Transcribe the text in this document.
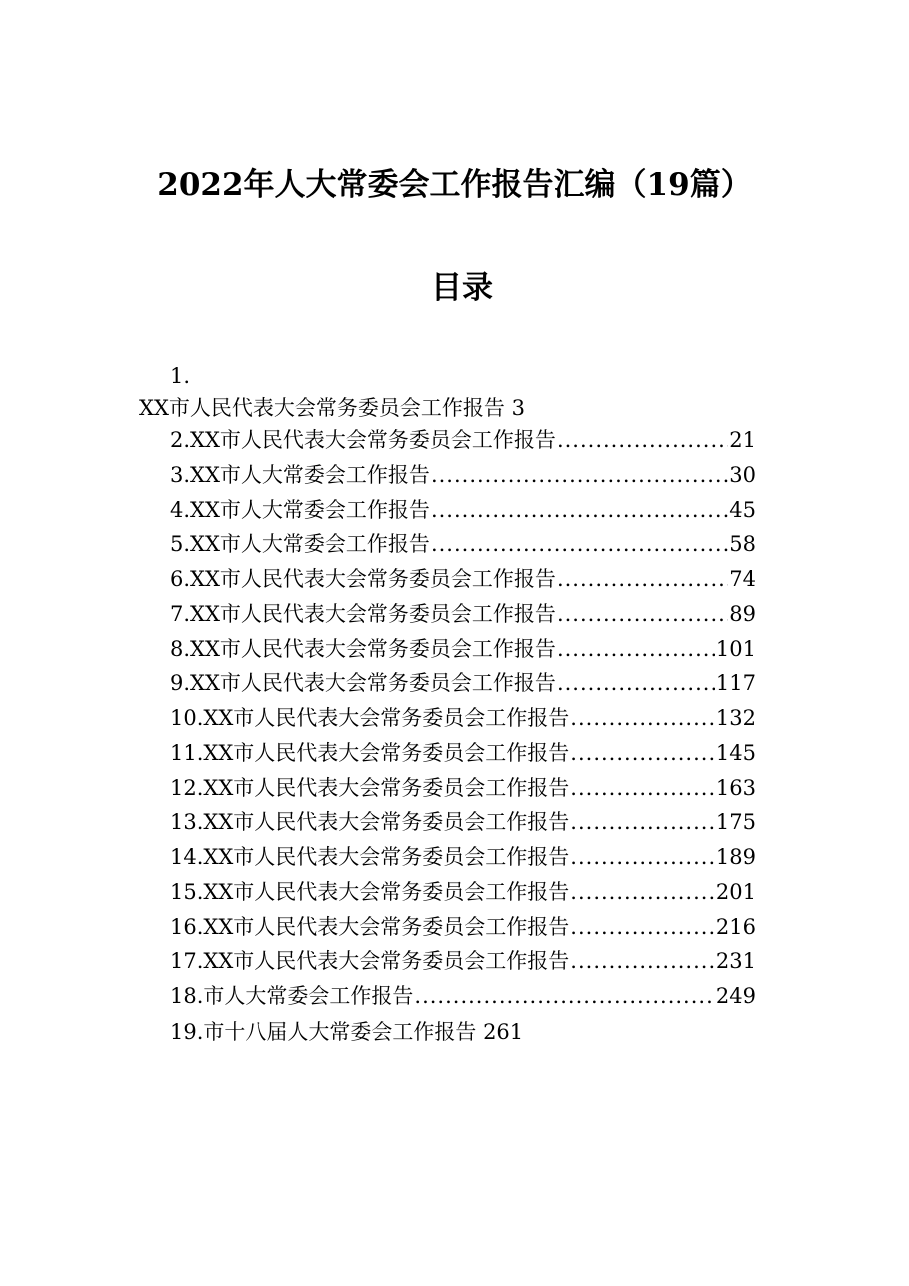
2022年人大常委会工作报告汇编（19篇）
目录
1.
XX市人民代表大会常务委员会工作报告 3
2.XX市人民代表大会常务委员会工作报告 .....	21
3.XX市人大常委会工作报告 .....	30
4.XX市人大常委会工作报告 .....	45
5.XX市人大常委会工作报告 .....	58
6.XX市人民代表大会常务委员会工作报告 .....	74
7.XX市人民代表大会常务委员会工作报告 .....	89
8.XX市人民代表大会常务委员会工作报告 .....	101
9.XX市人民代表大会常务委员会工作报告 .....	117
10.XX市人民代表大会常务委员会工作报告 .....	132
11.XX市人民代表大会常务委员会工作报告 .....	145
12.XX市人民代表大会常务委员会工作报告 .....	163
13.XX市人民代表大会常务委员会工作报告 .....	175
14.XX市人民代表大会常务委员会工作报告 .....	189
15.XX市人民代表大会常务委员会工作报告 .....	201
16.XX市人民代表大会常务委员会工作报告 .....	216
17.XX市人民代表大会常务委员会工作报告 .....	231
18.市人大常委会工作报告 .....	249
19.市十八届人大常委会工作报告 261
